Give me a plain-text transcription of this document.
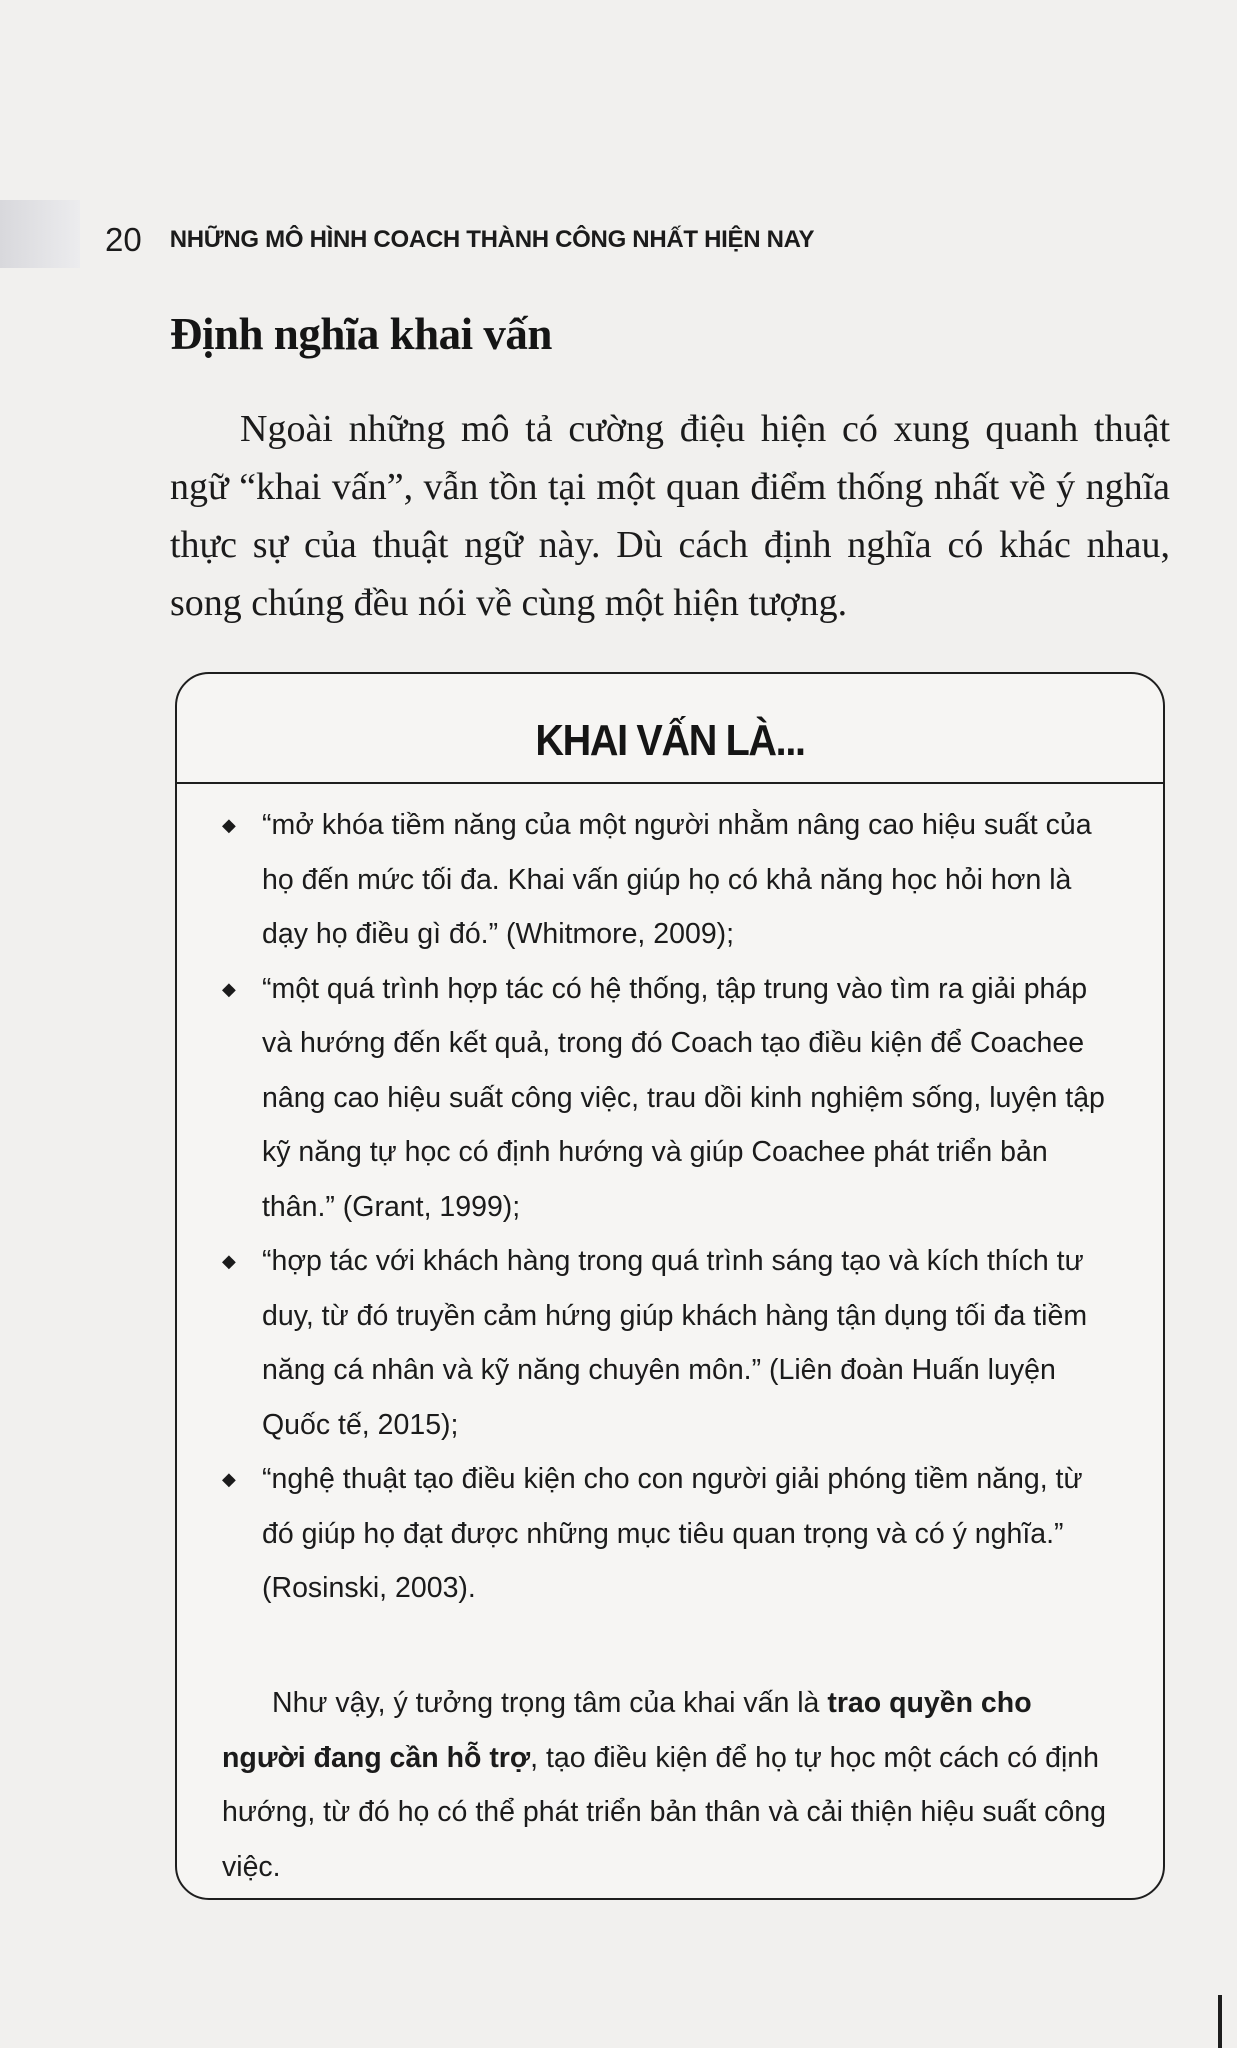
20 NHỮNG MÔ HÌNH COACH THÀNH CÔNG NHẤT HIỆN NAY
Định nghĩa khai vấn

Ngoài những mô tả cường điệu hiện có xung quanh thuật ngữ “khai vấn”, vẫn tồn tại một quan điểm thống nhất về ý nghĩa thực sự của thuật ngữ này. Dù cách định nghĩa có khác nhau, song chúng đều nói về cùng một hiện tượng.

KHAI VẤN LÀ...
◆ “mở khóa tiềm năng của một người nhằm nâng cao hiệu suất của họ đến mức tối đa. Khai vấn giúp họ có khả năng học hỏi hơn là dạy họ điều gì đó.” (Whitmore, 2009);
◆ “một quá trình hợp tác có hệ thống, tập trung vào tìm ra giải pháp và hướng đến kết quả, trong đó Coach tạo điều kiện để Coachee nâng cao hiệu suất công việc, trau dồi kinh nghiệm sống, luyện tập kỹ năng tự học có định hướng và giúp Coachee phát triển bản thân.” (Grant, 1999);
◆ “hợp tác với khách hàng trong quá trình sáng tạo và kích thích tư duy, từ đó truyền cảm hứng giúp khách hàng tận dụng tối đa tiềm năng cá nhân và kỹ năng chuyên môn.” (Liên đoàn Huấn luyện Quốc tế, 2015);
◆ “nghệ thuật tạo điều kiện cho con người giải phóng tiềm năng, từ đó giúp họ đạt được những mục tiêu quan trọng và có ý nghĩa.” (Rosinski, 2003).

Như vậy, ý tưởng trọng tâm của khai vấn là trao quyền cho người đang cần hỗ trợ, tạo điều kiện để họ tự học một cách có định hướng, từ đó họ có thể phát triển bản thân và cải thiện hiệu suất công việc.
